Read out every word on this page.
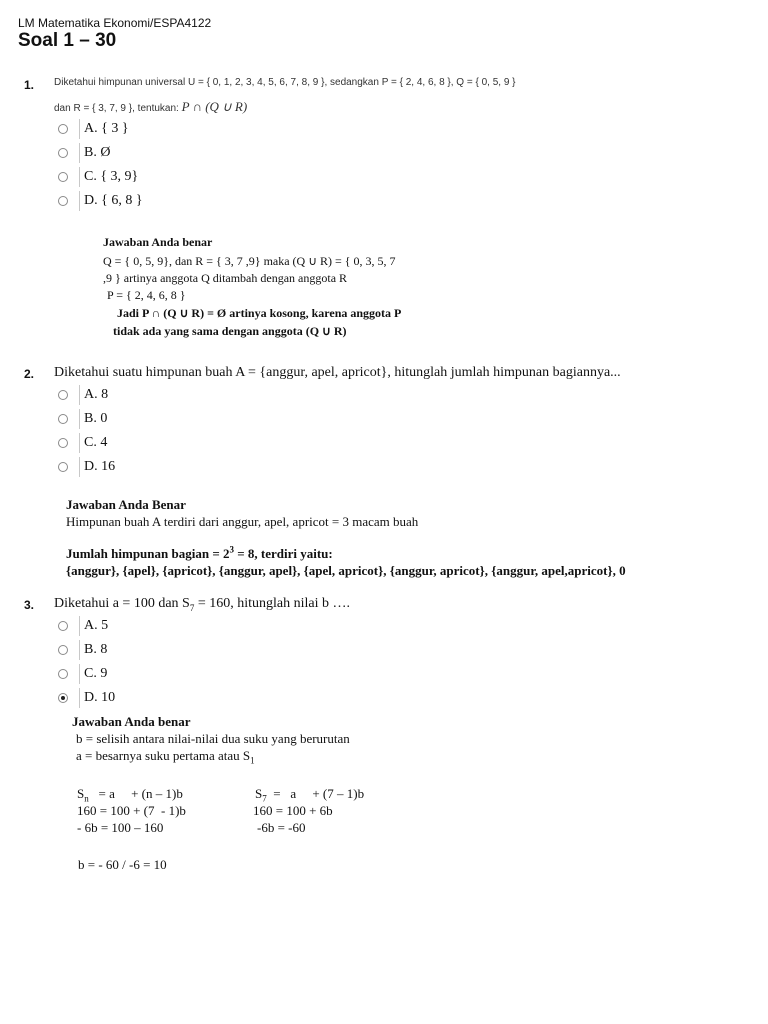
LM Matematika Ekonomi/ESPA4122
Soal 1 – 30
1. Diketahui himpunan universal U = { 0, 1, 2, 3, 4, 5, 6, 7, 8, 9 }, sedangkan P = { 2, 4, 6, 8 }, Q = { 0, 5, 9 }
dan R = { 3, 7, 9 }, tentukan: P ∩ (Q ∪ R)
A. { 3 }
B. Ø
C. { 3, 9}
D. { 6, 8 }
Jawaban Anda benar
Q = { 0, 5, 9}, dan R = { 3, 7 ,9} maka (Q ∪ R) = { 0, 3, 5, 7
,9 } artinya anggota Q ditambah dengan anggota R
P = { 2, 4, 6, 8 }
Jadi P ∩ (Q ∪ R) = Ø artinya kosong, karena anggota P
tidak ada yang sama dengan anggota (Q ∪ R)
2. Diketahui suatu himpunan buah A = {anggur, apel, apricot}, hitunglah jumlah himpunan bagiannya...
A. 8
B. 0
C. 4
D. 16
Jawaban Anda Benar
Himpunan buah A terdiri dari anggur, apel, apricot = 3 macam buah
Jumlah himpunan bagian = $2^3 = 8$, terdiri yaitu:
{anggur}, {apel}, {apricot}, {anggur, apel}, {apel, apricot}, {anggur, apricot}, {anggur, apel,apricot}, 0
3. Diketahui a = 100 dan $S_7 = 160$, hitunglah nilai b ….
A. 5
B. 8
C. 9
D. 10
Jawaban Anda benar
b = selisih antara nilai-nilai dua suku yang berurutan
a = besarnya suku pertama atau $S_1$
$S_n = a$     + (n – 1)b
160 = 100 + (7  - 1)b
- 6b = 100 – 160
$S_7 = a$     + (7 – 1)b
160 = 100 + 6b
-6b = -60
b = - 60 / -6 = 10
